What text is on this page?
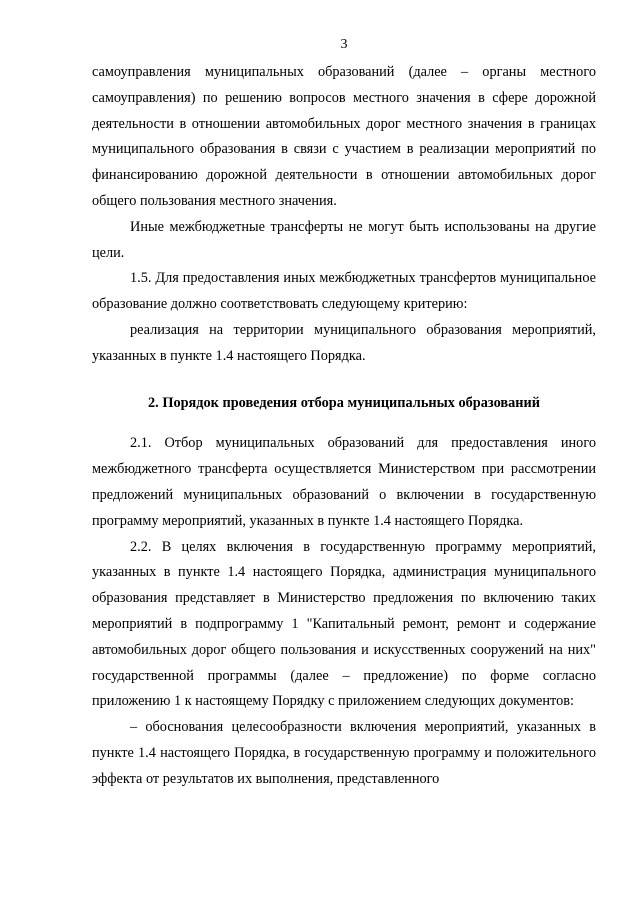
3

самоуправления муниципальных образований (далее – органы местного самоуправления) по решению вопросов местного значения в сфере дорожной деятельности в отношении автомобильных дорог местного значения в границах муниципального образования в связи с участием в реализации мероприятий по финансированию дорожной деятельности в отношении автомобильных дорог общего пользования местного значения.

Иные межбюджетные трансферты не могут быть использованы на другие цели.

1.5. Для предоставления иных межбюджетных трансфертов муниципальное образование должно соответствовать следующему критерию:

реализация на территории муниципального образования мероприятий, указанных в пункте 1.4 настоящего Порядка.

2. Порядок проведения отбора муниципальных образований

2.1. Отбор муниципальных образований для предоставления иного межбюджетного трансферта осуществляется Министерством при рассмотрении предложений муниципальных образований о включении в государственную программу мероприятий, указанных в пункте 1.4 настоящего Порядка.

2.2. В целях включения в государственную программу мероприятий, указанных в пункте 1.4 настоящего Порядка, администрация муниципального образования представляет в Министерство предложения по включению таких мероприятий в подпрограмму 1 "Капитальный ремонт, ремонт и содержание автомобильных дорог общего пользования и искусственных сооружений на них" государственной программы (далее – предложение) по форме согласно приложению 1 к настоящему Порядку с приложением следующих документов:

– обоснования целесообразности включения мероприятий, указанных в пункте 1.4 настоящего Порядка, в государственную программу и положительного эффекта от результатов их выполнения, представленного
